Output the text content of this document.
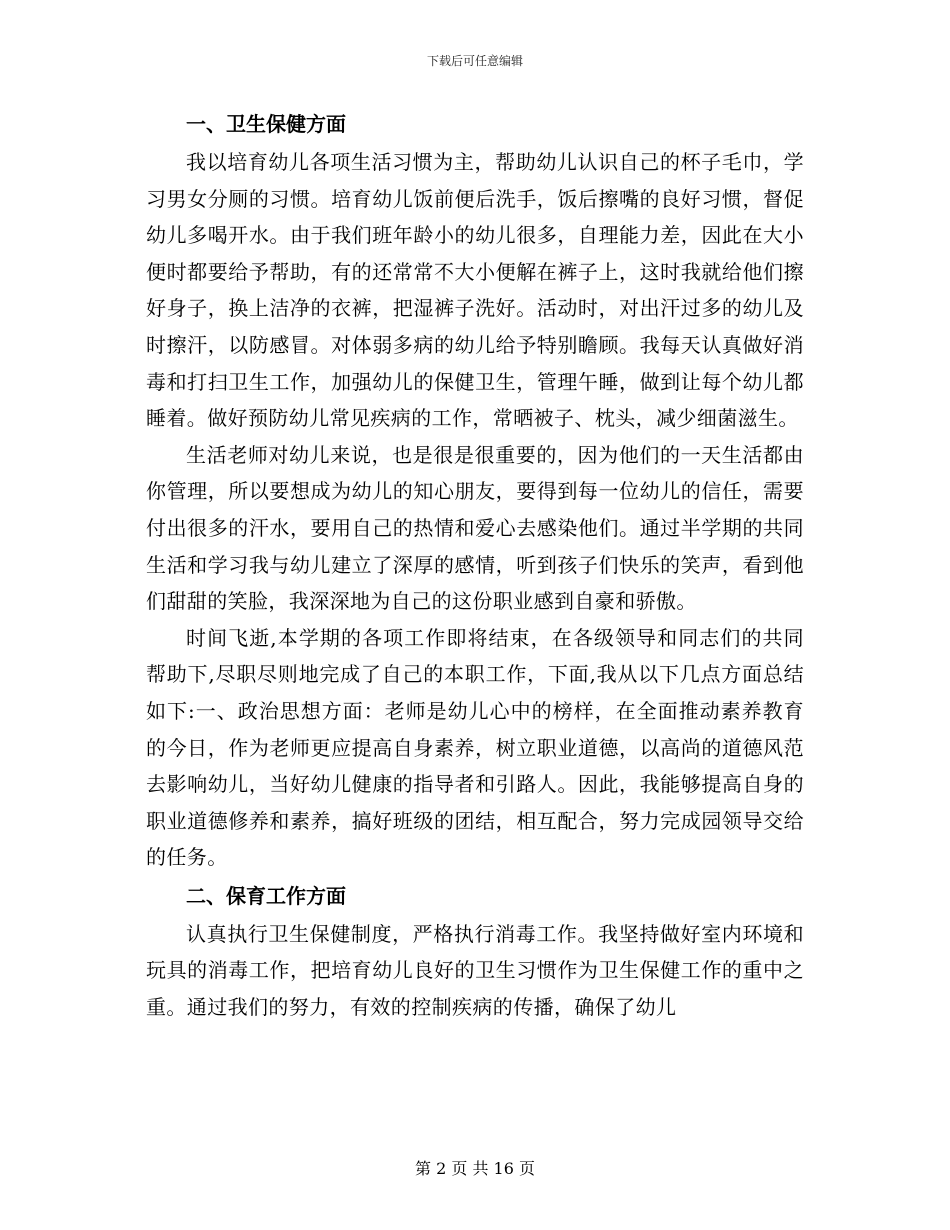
下载后可任意编辑
一、卫生保健方面

我以培育幼儿各项生活习惯为主，帮助幼儿认识自己的杯子毛巾，学习男女分厕的习惯。培育幼儿饭前便后洗手，饭后擦嘴的良好习惯，督促幼儿多喝开水。由于我们班年龄小的幼儿很多，自理能力差，因此在大小便时都要给予帮助，有的还常常不大小便解在裤子上，这时我就给他们擦好身子，换上洁净的衣裤，把湿裤子洗好。活动时，对出汗过多的幼儿及时擦汗，以防感冒。对体弱多病的幼儿给予特别瞻顾。我每天认真做好消毒和打扫卫生工作，加强幼儿的保健卫生，管理午睡，做到让每个幼儿都睡着。做好预防幼儿常见疾病的工作，常晒被子、枕头，减少细菌滋生。

生活老师对幼儿来说，也是很是很重要的，因为他们的一天生活都由你管理，所以要想成为幼儿的知心朋友，要得到每一位幼儿的信任，需要付出很多的汗水，要用自己的热情和爱心去感染他们。通过半学期的共同生活和学习我与幼儿建立了深厚的感情，听到孩子们快乐的笑声，看到他们甜甜的笑脸，我深深地为自己的这份职业感到自豪和骄傲。

时间飞逝,本学期的各项工作即将结束，在各级领导和同志们的共同帮助下,尽职尽则地完成了自己的本职工作，下面,我从以下几点方面总结如下:一、政治思想方面：老师是幼儿心中的榜样，在全面推动素养教育的今日，作为老师更应提高自身素养，树立职业道德，以高尚的道德风范去影响幼儿，当好幼儿健康的指导者和引路人。因此，我能够提高自身的职业道德修养和素养，搞好班级的团结，相互配合，努力完成园领导交给的任务。

二、保育工作方面

认真执行卫生保健制度，严格执行消毒工作。我坚持做好室内环境和玩具的消毒工作，把培育幼儿良好的卫生习惯作为卫生保健工作的重中之重。通过我们的努力，有效的控制疾病的传播，确保了幼儿

第 2 页 共 16 页
